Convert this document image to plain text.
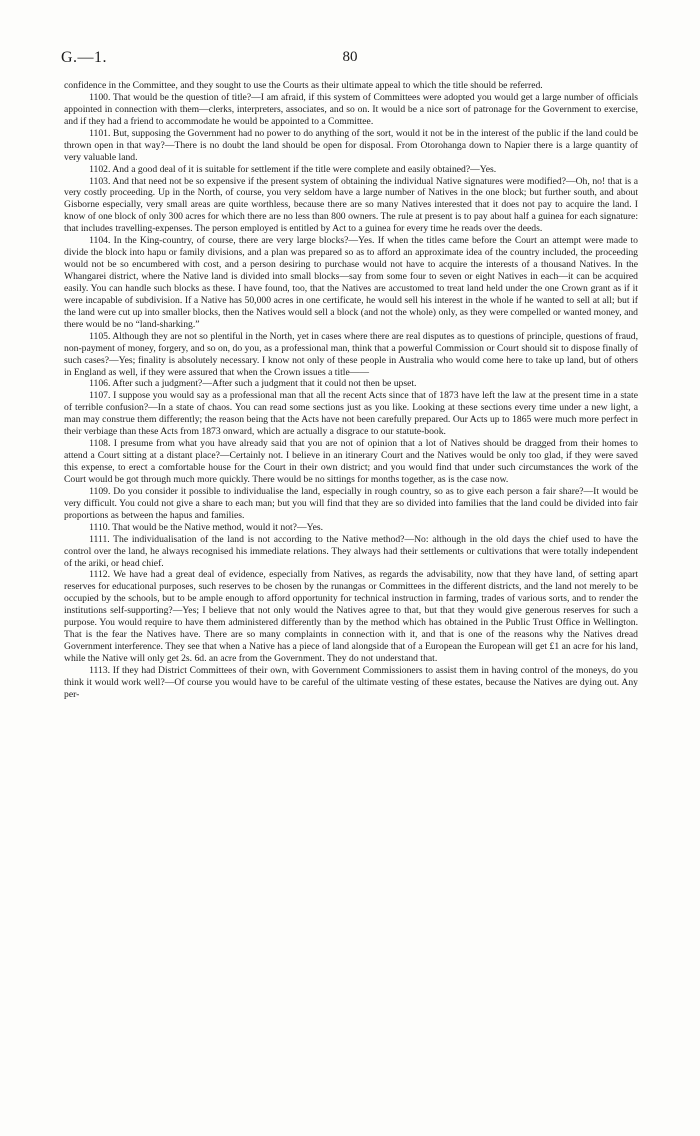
G.—1.	80

confidence in the Committee, and they sought to use the Courts as their ultimate appeal to which the title should be referred.

1100. That would be the question of title?—I am afraid, if this system of Committees were adopted you would get a large number of officials appointed in connection with them—clerks, interpreters, associates, and so on. It would be a nice sort of patronage for the Government to exercise, and if they had a friend to accommodate he would be appointed to a Committee.

1101. But, supposing the Government had no power to do anything of the sort, would it not be in the interest of the public if the land could be thrown open in that way?—There is no doubt the land should be open for disposal. From Otorohanga down to Napier there is a large quantity of very valuable land.

1102. And a good deal of it is suitable for settlement if the title were complete and easily obtained?—Yes.

1103. And that need not be so expensive if the present system of obtaining the individual Native signatures were modified?—Oh, no! that is a very costly proceeding. Up in the North, of course, you very seldom have a large number of Natives in the one block; but further south, and about Gisborne especially, very small areas are quite worthless, because there are so many Natives interested that it does not pay to acquire the land. I know of one block of only 300 acres for which there are no less than 800 owners. The rule at present is to pay about half a guinea for each signature: that includes travelling-expenses. The person employed is entitled by Act to a guinea for every time he reads over the deeds.

1104. In the King-country, of course, there are very large blocks?—Yes. If when the titles came before the Court an attempt were made to divide the block into hapu or family divisions, and a plan was prepared so as to afford an approximate idea of the country included, the proceeding would not be so encumbered with cost, and a person desiring to purchase would not have to acquire the interests of a thousand Natives. In the Whangarei district, where the Native land is divided into small blocks—say from some four to seven or eight Natives in each—it can be acquired easily. You can handle such blocks as these. I have found, too, that the Natives are accustomed to treat land held under the one Crown grant as if it were incapable of subdivision. If a Native has 50,000 acres in one certificate, he would sell his interest in the whole if he wanted to sell at all; but if the land were cut up into smaller blocks, then the Natives would sell a block (and not the whole) only, as they were compelled or wanted money, and there would be no “land-sharking.”

1105. Although they are not so plentiful in the North, yet in cases where there are real disputes as to questions of principle, questions of fraud, non-payment of money, forgery, and so on, do you, as a professional man, think that a powerful Commission or Court should sit to dispose finally of such cases?—Yes; finality is absolutely necessary. I know not only of these people in Australia who would come here to take up land, but of others in England as well, if they were assured that when the Crown issues a title——

1106. After such a judgment?—After such a judgment that it could not then be upset.

1107. I suppose you would say as a professional man that all the recent Acts since that of 1873 have left the law at the present time in a state of terrible confusion?—In a state of chaos. You can read some sections just as you like. Looking at these sections every time under a new light, a man may construe them differently; the reason being that the Acts have not been carefully prepared. Our Acts up to 1865 were much more perfect in their verbiage than these Acts from 1873 onward, which are actually a disgrace to our statute-book.

1108. I presume from what you have already said that you are not of opinion that a lot of Natives should be dragged from their homes to attend a Court sitting at a distant place?—Certainly not. I believe in an itinerary Court and the Natives would be only too glad, if they were saved this expense, to erect a comfortable house for the Court in their own district; and you would find that under such circumstances the work of the Court would be got through much more quickly. There would be no sittings for months together, as is the case now.

1109. Do you consider it possible to individualise the land, especially in rough country, so as to give each person a fair share?—It would be very difficult. You could not give a share to each man; but you will find that they are so divided into families that the land could be divided into fair proportions as between the hapus and families.

1110. That would be the Native method, would it not?—Yes.

1111. The individualisation of the land is not according to the Native method?—No: although in the old days the chief used to have the control over the land, he always recognised his immediate relations. They always had their settlements or cultivations that were totally independent of the ariki, or head chief.

1112. We have had a great deal of evidence, especially from Natives, as regards the advisability, now that they have land, of setting apart reserves for educational purposes, such reserves to be chosen by the runangas or Committees in the different districts, and the land not merely to be occupied by the schools, but to be ample enough to afford opportunity for technical instruction in farming, trades of various sorts, and to render the institutions self-supporting?—Yes; I believe that not only would the Natives agree to that, but that they would give generous reserves for such a purpose. You would require to have them administered differently than by the method which has obtained in the Public Trust Office in Wellington. That is the fear the Natives have. There are so many complaints in connection with it, and that is one of the reasons why the Natives dread Government interference. They see that when a Native has a piece of land alongside that of a European the European will get £1 an acre for his land, while the Native will only get 2s. 6d. an acre from the Government. They do not understand that.

1113. If they had District Committees of their own, with Government Commissioners to assist them in having control of the moneys, do you think it would work well?—Of course you would have to be careful of the ultimate vesting of these estates, because the Natives are dying out. Any per-
